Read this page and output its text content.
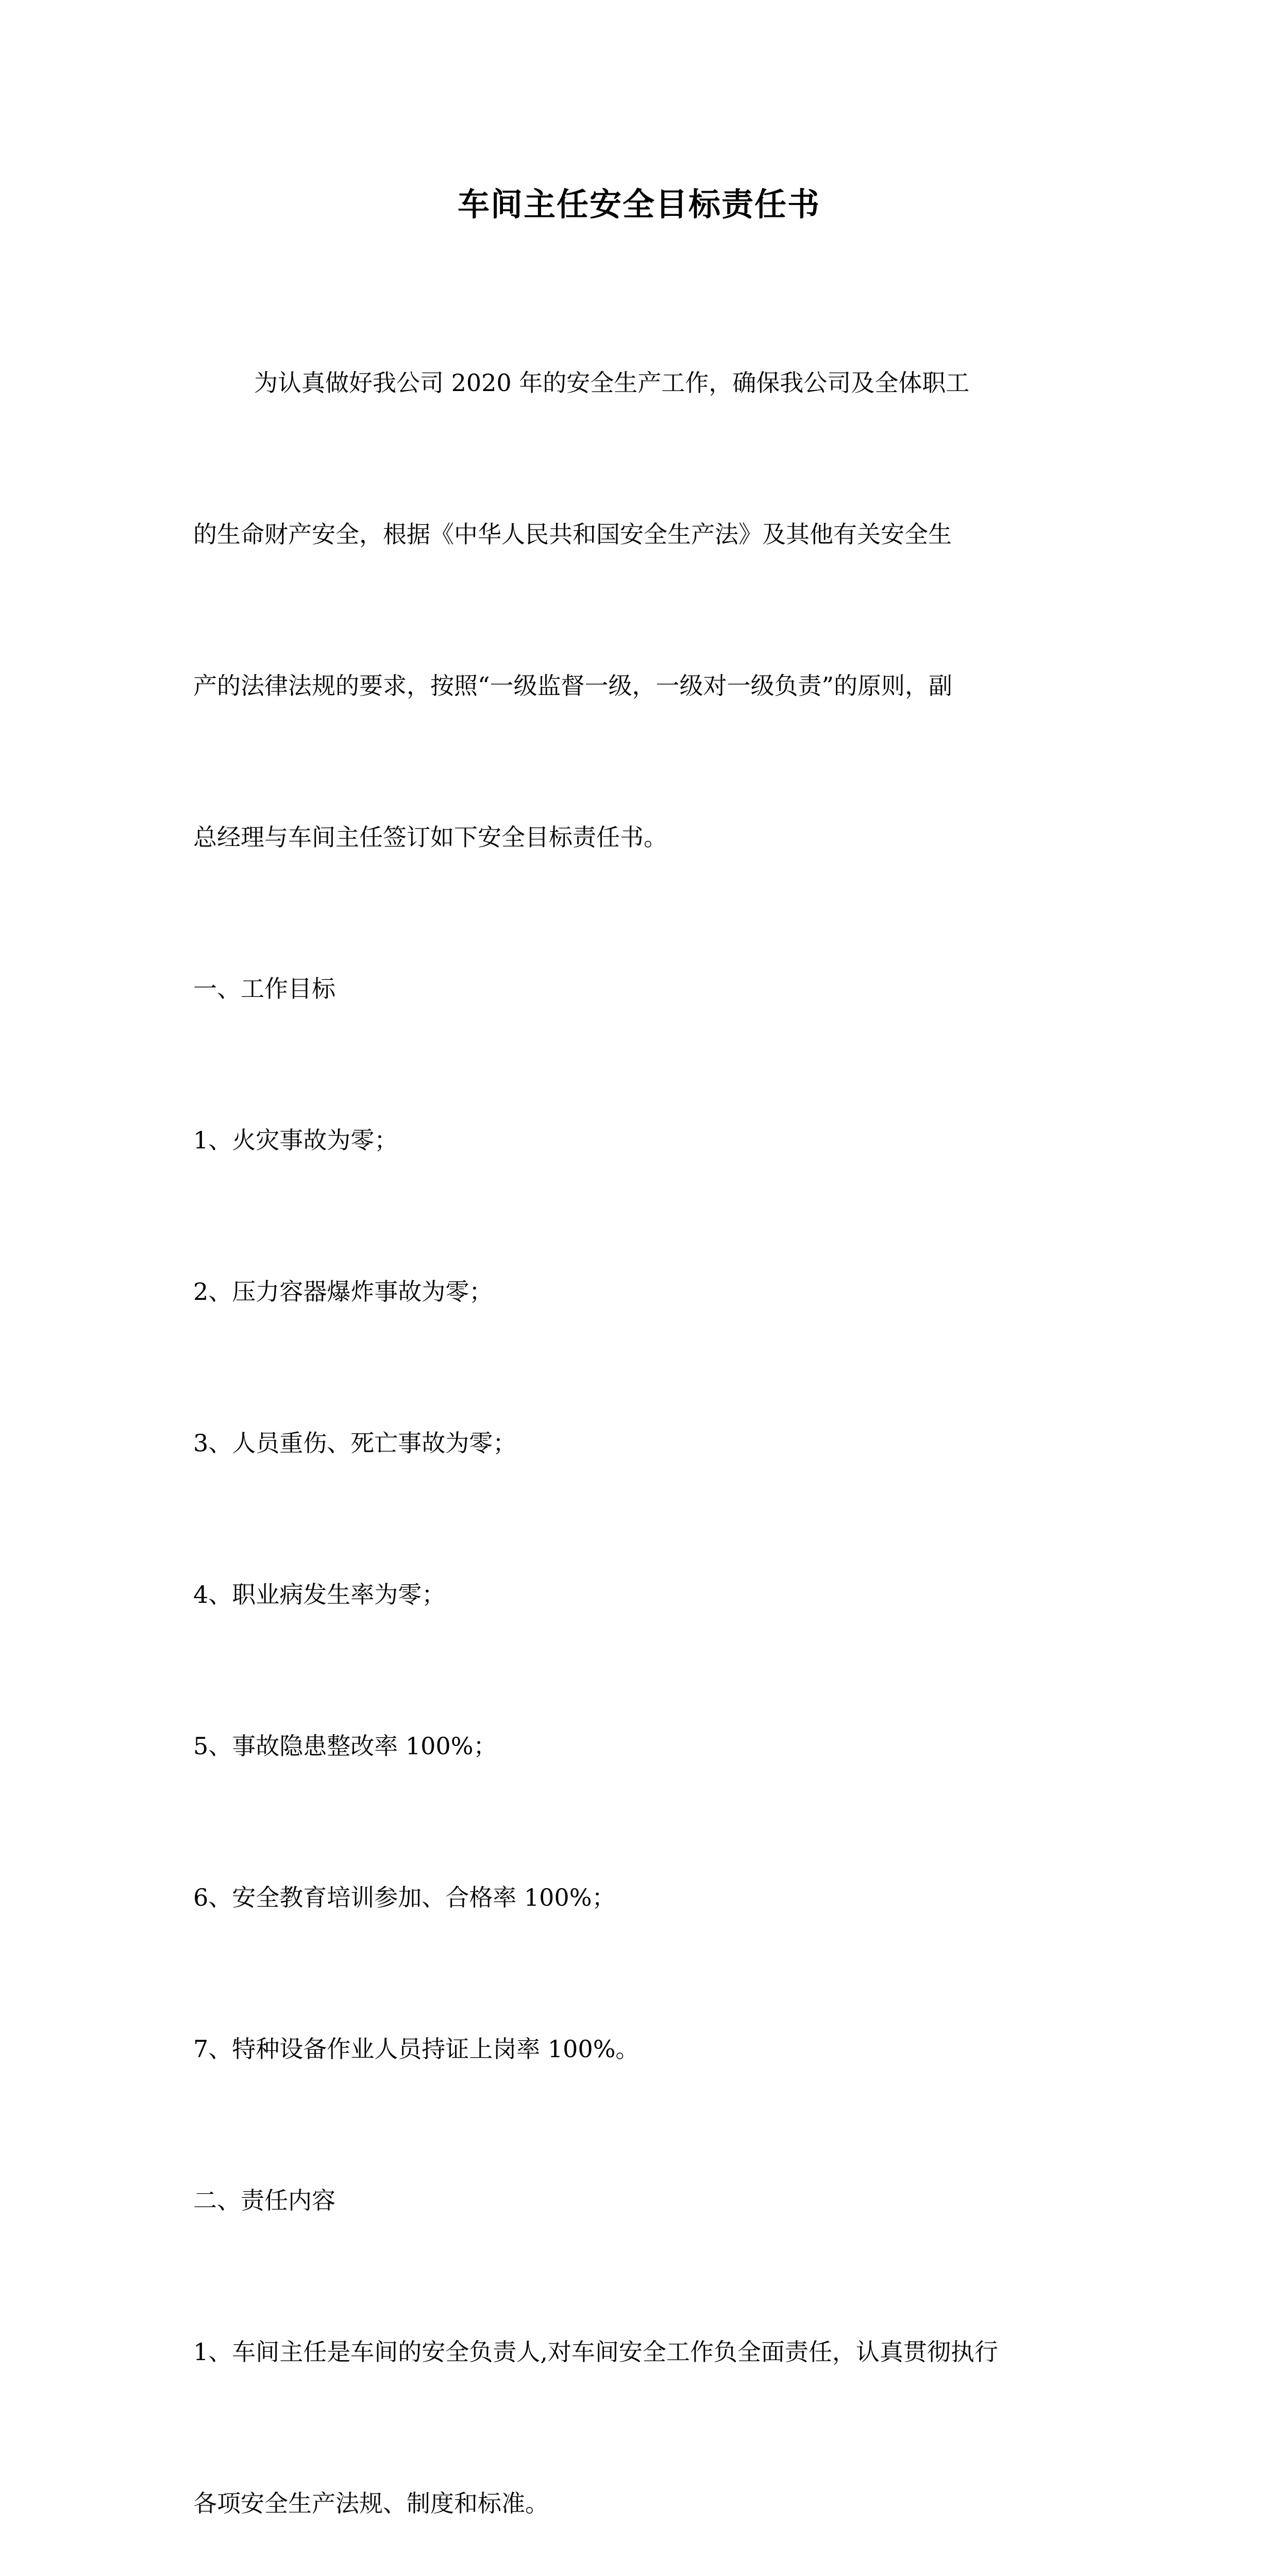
车间主任安全目标责任书

为认真做好我公司 2020 年的安全生产工作，确保我公司及全体职工

的生命财产安全，根据《中华人民共和国安全生产法》及其他有关安全生

产的法律法规的要求，按照“一级监督一级，一级对一级负责”的原则，副

总经理与车间主任签订如下安全目标责任书。

一、工作目标

1、火灾事故为零；

2、压力容器爆炸事故为零；

3、人员重伤、死亡事故为零；

4、职业病发生率为零；

5、事故隐患整改率 100%；

6、安全教育培训参加、合格率 100%；

7、特种设备作业人员持证上岗率 100%。

二、责任内容

1、车间主任是车间的安全负责人,对车间安全工作负全面责任，认真贯彻执行

各项安全生产法规、制度和标准。
